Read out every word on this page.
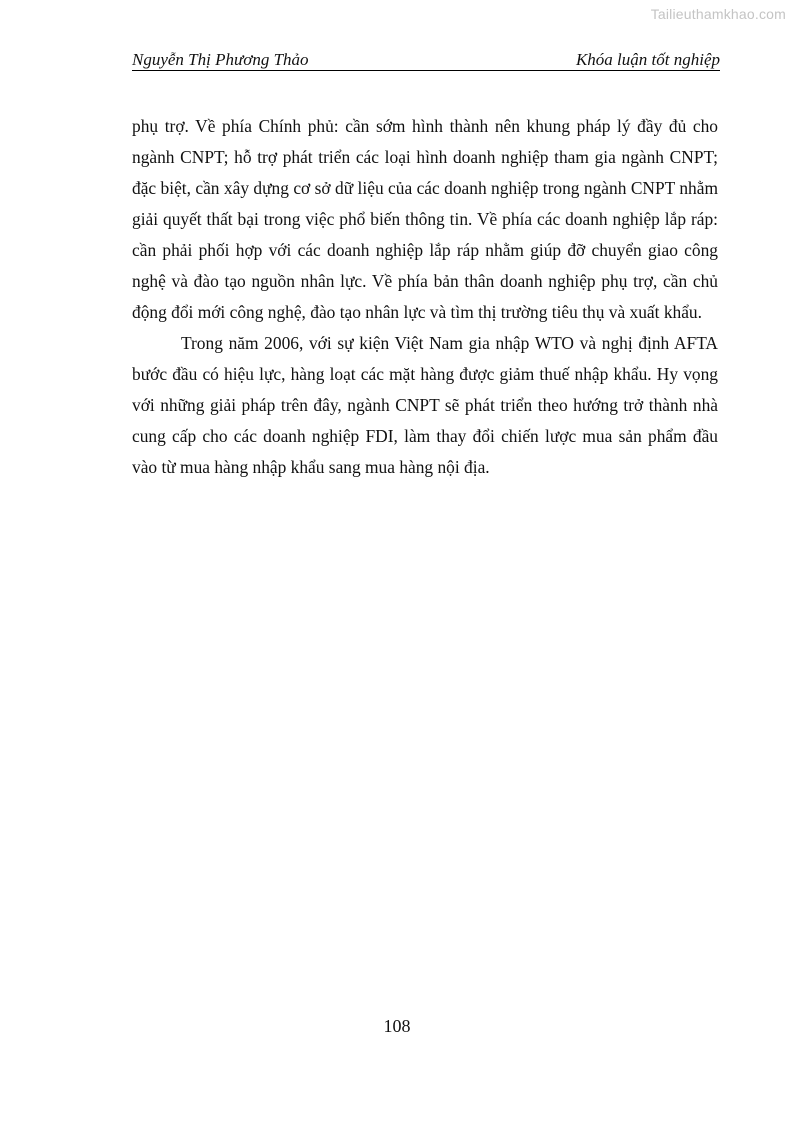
Tailieuthamkhao.com
Nguyễn Thị Phương Thảo	Khóa luận tốt nghiệp

phụ trợ. Về phía Chính phủ: cần sớm hình thành nên khung pháp lý đầy đủ cho ngành CNPT; hỗ trợ phát triển các loại hình doanh nghiệp tham gia ngành CNPT; đặc biệt, cần xây dựng cơ sở dữ liệu của các doanh nghiệp trong ngành CNPT nhằm giải quyết thất bại trong việc phổ biến thông tin. Về phía các doanh nghiệp lắp ráp: cần phải phối hợp với các doanh nghiệp lắp ráp nhằm giúp đỡ chuyển giao công nghệ và đào tạo nguồn nhân lực. Về phía bản thân doanh nghiệp phụ trợ, cần chủ động đổi mới công nghệ, đào tạo nhân lực và tìm thị trường tiêu thụ và xuất khẩu.

Trong năm 2006, với sự kiện Việt Nam gia nhập WTO và nghị định AFTA bước đầu có hiệu lực, hàng loạt các mặt hàng được giảm thuế nhập khẩu. Hy vọng với những giải pháp trên đây, ngành CNPT sẽ phát triển theo hướng trở thành nhà cung cấp cho các doanh nghiệp FDI, làm thay đổi chiến lược mua sản phẩm đầu vào từ mua hàng nhập khẩu sang mua hàng nội địa.

108
